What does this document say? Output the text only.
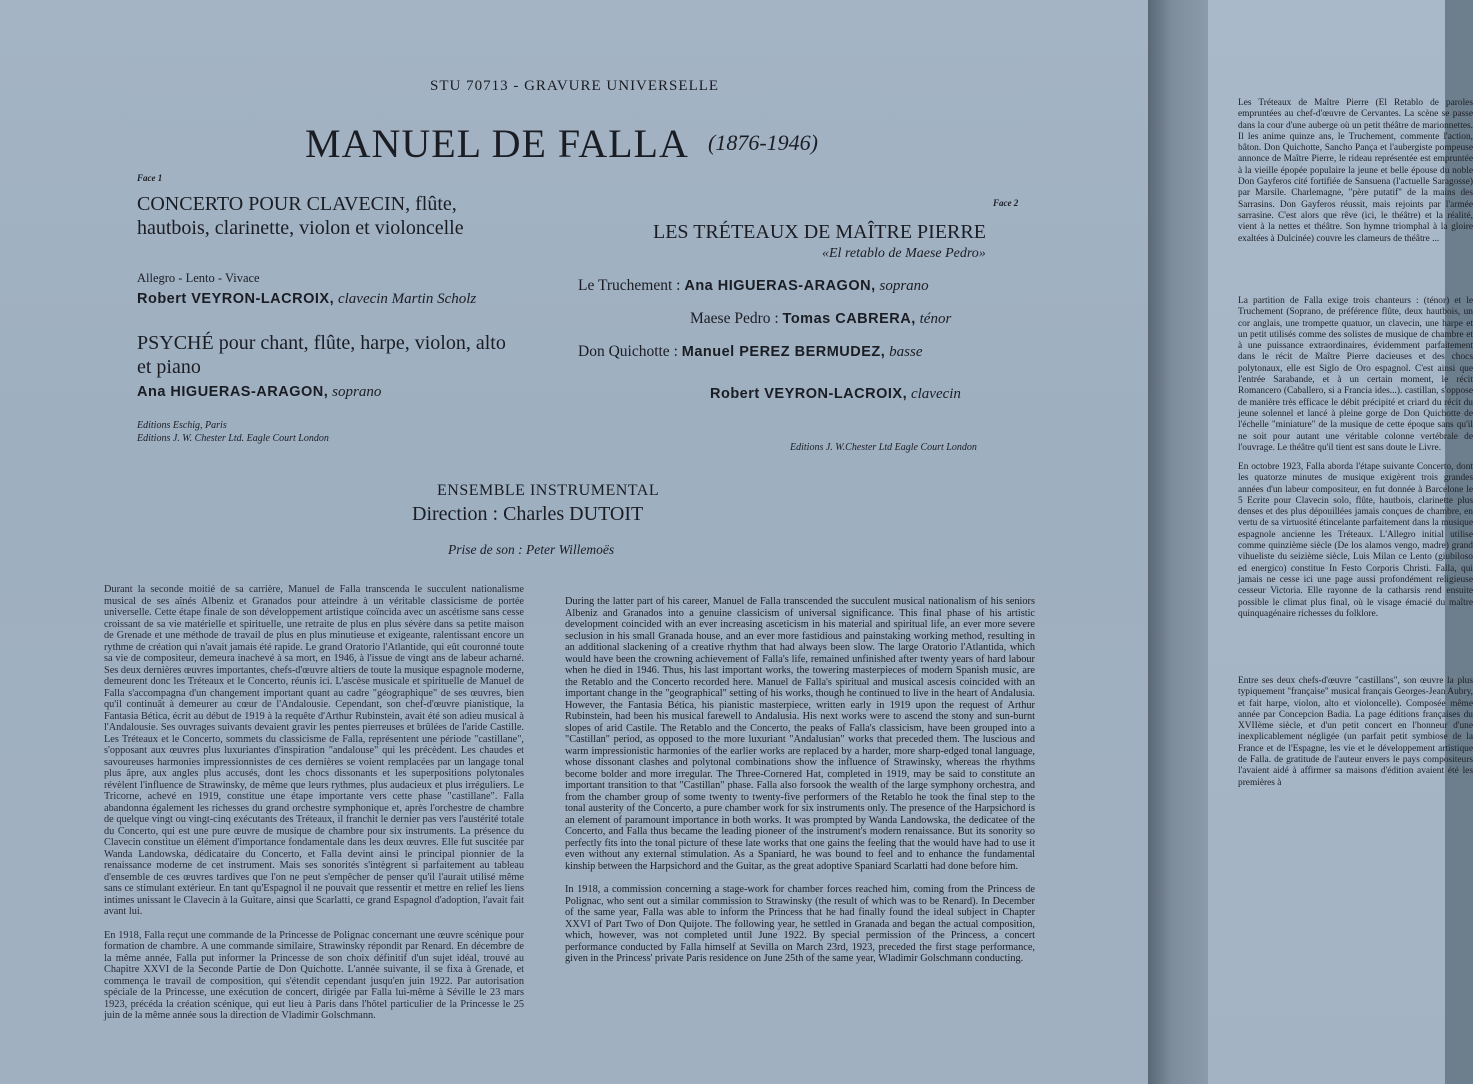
STU 70713 - GRAVURE UNIVERSELLE
MANUEL DE FALLA (1876-1946)
Face 1
CONCERTO POUR CLAVECIN, flûte, hautbois, clarinette, violon et violoncelle
Allegro - Lento - Vivace
Robert VEYRON-LACROIX, clavecin Martin Scholz
PSYCHÉ pour chant, flûte, harpe, violon, alto et piano
Ana HIGUERAS-ARAGON, soprano
Editions Eschig, Paris
Editions J. W. Chester Ltd. Eagle Court London
Face 2
LES TRÉTEAUX DE MAÎTRE PIERRE
«El retablo de Maese Pedro»
Le Truchement : Ana HIGUERAS-ARAGON, soprano
Maese Pedro : Tomas CABRERA, ténor
Don Quichotte : Manuel PEREZ BERMUDEZ, basse
Robert VEYRON-LACROIX, clavecin
Editions J. W.Chester Ltd Eagle Court London
ENSEMBLE INSTRUMENTAL
Direction : Charles DUTOIT
Prise de son : Peter Willemoës

Durant la seconde moitié de sa carrière, Manuel de Falla transcenda le succulent nationalisme musical de ses aînés Albeniz et Granados pour atteindre à un véritable classicisme de portée universelle. Cette étape finale de son développement artistique coïncida avec un ascétisme sans cesse croissant de sa vie matérielle et spirituelle, une retraite de plus en plus sévère dans sa petite maison de Grenade et une méthode de travail de plus en plus minutieuse et exigeante, ralentissant encore un rythme de création qui n'avait jamais été rapide. Le grand Oratorio l'Atlantide, qui eût couronné toute sa vie de compositeur, demeura inachevé à sa mort, en 1946, à l'issue de vingt ans de labeur acharné. Ses deux dernières œuvres importantes, chefs-d'œuvre altiers de toute la musique espagnole moderne, demeurent donc les Tréteaux et le Concerto, réunis ici. L'ascèse musicale et spirituelle de Manuel de Falla s'accompagna d'un changement important quant au cadre "géographique" de ses œuvres, bien qu'il continuât à demeurer au cœur de l'Andalousie. Cependant, son chef-d'œuvre pianistique, la Fantasia Bética, écrit au début de 1919 à la requête d'Arthur Rubinstein, avait été son adieu musical à l'Andalousie. Ses ouvrages suivants devaient gravir les pentes pierreuses et brûlées de l'aride Castille. Les Tréteaux et le Concerto, sommets du classicisme de Falla, représentent une période "castillane", s'opposant aux œuvres plus luxuriantes d'inspiration "andalouse" qui les précèdent. Les chaudes et savoureuses harmonies impressionnistes de ces dernières se voient remplacées par un langage tonal plus âpre, aux angles plus accusés, dont les chocs dissonants et les superpositions polytonales révèlent l'influence de Strawinsky, de même que leurs rythmes, plus audacieux et plus irréguliers. Le Tricorne, achevé en 1919, constitue une étape importante vers cette phase "castillane". Falla abandonna également les richesses du grand orchestre symphonique et, après l'orchestre de chambre de quelque vingt ou vingt-cinq exécutants des Tréteaux, il franchit le dernier pas vers l'austérité totale du Concerto, qui est une pure œuvre de musique de chambre pour six instruments. La présence du Clavecin constitue un élément d'importance fondamentale dans les deux œuvres. Elle fut suscitée par Wanda Landowska, dédicataire du Concerto, et Falla devint ainsi le principal pionnier de la renaissance moderne de cet instrument. Mais ses sonorités s'intègrent si parfaitement au tableau d'ensemble de ces œuvres tardives que l'on ne peut s'empêcher de penser qu'il l'aurait utilisé même sans ce stimulant extérieur. En tant qu'Espagnol il ne pouvait que ressentir et mettre en relief les liens intimes unissant le Clavecin à la Guitare, ainsi que Scarlatti, ce grand Espagnol d'adoption, l'avait fait avant lui.

En 1918, Falla reçut une commande de la Princesse de Polignac concernant une œuvre scénique pour formation de chambre. A une commande similaire, Strawinsky répondit par Renard. En décembre de la même année, Falla put informer la Princesse de son choix définitif d'un sujet idéal, trouvé au Chapitre XXVI de la Seconde Partie de Don Quichotte. L'année suivante, il se fixa à Grenade, et commença le travail de composition, qui s'étendit cependant jusqu'en juin 1922. Par autorisation spéciale de la Princesse, une exécution de concert, dirigée par Falla lui-même à Séville le 23 mars 1923, précéda la création scénique, qui eut lieu à Paris dans l'hôtel particulier de la Princesse le 25 juin de la même année sous la direction de Vladimir Golschmann.

During the latter part of his career, Manuel de Falla transcended the succulent musical nationalism of his seniors Albeniz and Granados into a genuine classicism of universal significance. This final phase of his artistic development coincided with an ever increasing asceticism in his material and spiritual life, an ever more severe seclusion in his small Granada house, and an ever more fastidious and painstaking working method, resulting in an additional slackening of a creative rhythm that had always been slow. The large Oratorio l'Atlantida, which would have been the crowning achievement of Falla's life, remained unfinished after twenty years of hard labour when he died in 1946. Thus, his last important works, the towering masterpieces of modern Spanish music, are the Retablo and the Concerto recorded here. Manuel de Falla's spiritual and musical ascesis coincided with an important change in the "geographical" setting of his works, though he continued to live in the heart of Andalusia. However, the Fantasia Bética, his pianistic masterpiece, written early in 1919 upon the request of Arthur Rubinstein, had been his musical farewell to Andalusia. His next works were to ascend the stony and sun-burnt slopes of arid Castile. The Retablo and the Concerto, the peaks of Falla's classicism, have been grouped into a "Castillan" period, as opposed to the more luxuriant "Andalusian" works that preceded them. The luscious and warm impressionistic harmonies of the earlier works are replaced by a harder, more sharp-edged tonal language, whose dissonant clashes and polytonal combinations show the influence of Strawinsky, whereas the rhythms become bolder and more irregular. The Three-Cornered Hat, completed in 1919, may be said to constitute an important transition to that "Castillan" phase. Falla also forsook the wealth of the large symphony orchestra, and from the chamber group of some twenty to twenty-five performers of the Retablo he took the final step to the tonal austerity of the Concerto, a pure chamber work for six instruments only. The presence of the Harpsichord is an element of paramount importance in both works. It was prompted by Wanda Landowska, the dedicatee of the Concerto, and Falla thus became the leading pioneer of the instrument's modern renaissance. But its sonority so perfectly fits into the tonal picture of these late works that one gains the feeling that the would have had to use it even without any external stimulation. As a Spaniard, he was bound to feel and to enhance the fundamental kinship between the Harpsichord and the Guitar, as the great adoptive Spaniard Scarlatti had done before him.

In 1918, a commission concerning a stage-work for chamber forces reached him, coming from the Princess de Polignac, who sent out a similar commission to Strawinsky (the result of which was to be Renard). In December of the same year, Falla was able to inform the Princess that he had finally found the ideal subject in Chapter XXVI of Part Two of Don Quijote. The following year, he settled in Granada and began the actual composition, which, however, was not completed until June 1922. By special permission of the Princess, a concert performance conducted by Falla himself at Sevilla on March 23rd, 1923, preceded the first stage performance, given in the Princess' private Paris residence on June 25th of the same year, Wladimir Golschmann conducting.

Les Tréteaux de Maître Pierre (El Retablo de paroles empruntées au chef-d'œuvre de Cervantes. La scène se passe dans la cour d'une auberge où un petit théâtre de marionnettes. Il les anime quinze ans, le Truchement, commente l'action, bâton. Don Quichotte, Sancho Pança et l'aubergiste pompeuse annonce de Maître Pierre, le rideau représentée est empruntée à la vieille épopée populaire la jeune et belle épouse du noble Don Gayferos cité fortifiée de Sansuena (l'actuelle Saragosse) par Marsile. Charlemagne, "père putatif" de la mains des Sarrasins. Don Gayferos réussit, mais rejoints par l'armée sarrasine. C'est alors que rêve (ici, le théâtre) et la réalité, vient à la nettes et théâtre. Son hymne triomphal à la gloire exaltées à Dulcinée) couvre les clameurs de théâtre ...
La partition de Falla exige trois chanteurs : (ténor) et le Truchement (Soprano, de préférence flûte, deux hautbois, un cor anglais, une trompette quatuor, un clavecin, une harpe et un petit utilisés comme des solistes de musique de chambre et à une puissance extraordinaires, évidemment parfaitement dans le récit de Maître Pierre dacieuses et des chocs polytonaux, elle est Siglo de Oro espagnol. C'est ainsi que l'entrée Sarabande, et à un certain moment, le récit Romancero (Caballero, si a Francia ides...). castillan, s'oppose de manière très efficace le débit précipité et criard du récit du jeune solennel et lancé à pleine gorge de Don Quichotte de l'échelle "miniature" de la musique de cette époque sans qu'il ne soit pour autant une véritable colonne vertébrale de l'ouvrage. Le théâtre qu'il tient est sans doute le Livre.
En octobre 1923, Falla aborda l'étape suivante Concerto, dont les quatorze minutes de musique exigèrent trois grandes années d'un labeur compositeur, en fut donnée à Barcelone le 5 Ecrite pour Clavecin solo, flûte, hautbois, clarinette plus denses et des plus dépouillées jamais conçues de chambre, en vertu de sa virtuosité étincelante parfaitement dans la musique espagnole ancienne les Tréteaux. L'Allegro initial utilise comme quinzième siècle (De los alamos vengo, madre) grand vihueliste du seizième siècle, Luis Milan ce Lento (giubiloso ed energico) constitue In Festo Corporis Christi. Falla, qui jamais ne cesse ici une page aussi profondément religieuse cesseur Victoria. Elle rayonne de la catharsis rend ensuite possible le climat plus final, où le visage émacié du maître quinquagénaire richesses du folklore.
Entre ses deux chefs-d'œuvre "castillans", son œuvre la plus typiquement "française" musical français Georges-Jean Aubry, et fait harpe, violon, alto et violoncelle). Composée même année par Concepcion Badia. La page éditions françaises du XVIIème siècle, et d'un petit concert en l'honneur d'une inexplicablement négligée (un parfait petit symbiose de la France et de l'Espagne, les vie et le développement artistique de Falla. de gratitude de l'auteur envers le pays compositeurs l'avaient aidé à affirmer sa maisons d'édition avaient été les premières à
